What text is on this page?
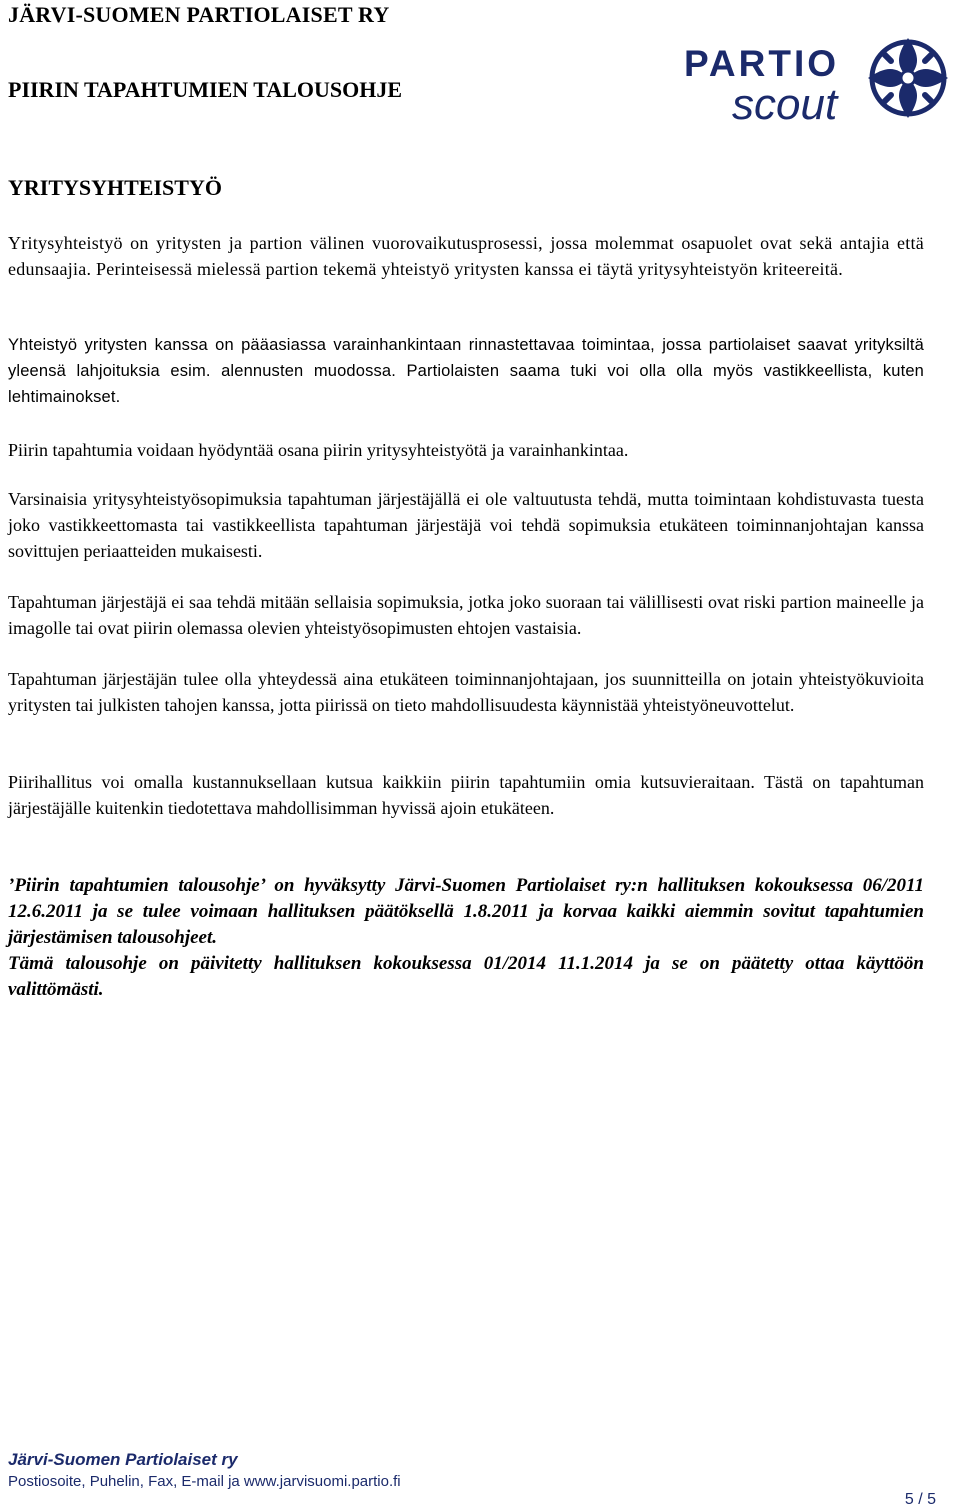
JÄRVI-SUOMEN PARTIOLAISET RY
PIIRIN TAPAHTUMIEN TALOUSOHJE
PARTIO
scout
YRITYSYHTEISTYÖ

Yritysyhteistyö on yritysten ja partion välinen vuorovaikutusprosessi, jossa molemmat osapuolet ovat sekä antajia että edunsaajia. Perinteisessä mielessä partion tekemä yhteistyö yritysten kanssa ei täytä yritysyhteistyön kriteereitä.

Yhteistyö yritysten kanssa on pääasiassa varainhankintaan rinnastettavaa toimintaa, jossa partiolaiset saavat yrityksiltä yleensä lahjoituksia esim. alennusten muodossa. Partiolaisten saama tuki voi olla olla myös vastikkeellista, kuten lehtimainokset.

Piirin tapahtumia voidaan hyödyntää osana piirin yritysyhteistyötä ja varainhankintaa.

Varsinaisia yritysyhteistyösopimuksia tapahtuman järjestäjällä ei ole valtuutusta tehdä, mutta toimintaan kohdistuvasta tuesta joko vastikkeettomasta tai vastikkeellista tapahtuman järjestäjä voi tehdä sopimuksia etukäteen toiminnanjohtajan kanssa sovittujen periaatteiden mukaisesti.

Tapahtuman järjestäjä ei saa tehdä mitään sellaisia sopimuksia, jotka joko suoraan tai välillisesti ovat riski partion maineelle ja imagolle tai ovat piirin olemassa olevien yhteistyösopimusten ehtojen vastaisia.

Tapahtuman järjestäjän tulee olla yhteydessä aina etukäteen toiminnanjohtajaan, jos suunnitteilla on jotain yhteistyökuvioita yritysten tai julkisten tahojen kanssa, jotta piirissä on tieto mahdollisuudesta käynnistää yhteistyöneuvottelut.

Piirihallitus voi omalla kustannuksellaan kutsua kaikkiin piirin tapahtumiin omia kutsuvieraitaan. Tästä on tapahtuman järjestäjälle kuitenkin tiedotettava mahdollisimman hyvissä ajoin etukäteen.

’Piirin tapahtumien talousohje’ on hyväksytty Järvi-Suomen Partiolaiset ry:n hallituksen kokouksessa 06/2011 12.6.2011 ja se tulee voimaan hallituksen päätöksellä 1.8.2011 ja korvaa kaikki aiemmin sovitut tapahtumien järjestämisen talousohjeet.
Tämä talousohje on päivitetty hallituksen kokouksessa 01/2014 11.1.2014 ja se on päätetty ottaa käyttöön valittömästi.
Järvi-Suomen Partiolaiset ry
Postiosoite, Puhelin, Fax, E-mail ja www.jarvisuomi.partio.fi
5 / 5
